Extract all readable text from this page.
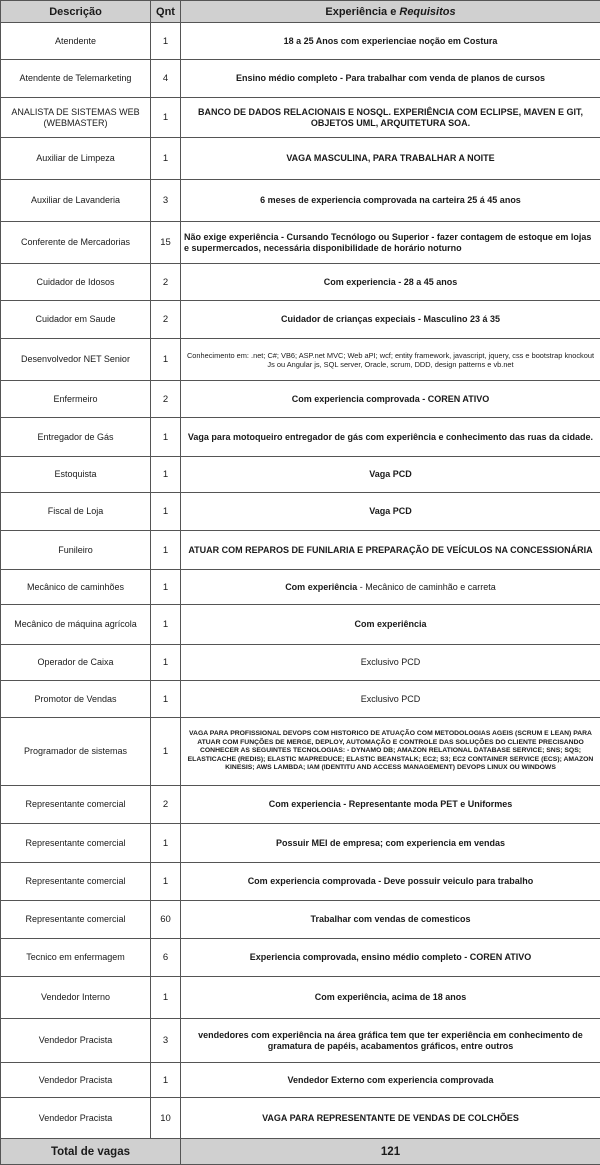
Descrição	Qnt	Experiência e Requisitos
Atendente	1	18 a 25 Anos com experienciae noção em Costura
Atendente de Telemarketing	4	Ensino médio completo - Para trabalhar com venda de planos de cursos
ANALISTA DE SISTEMAS WEB (WEBMASTER)	1	BANCO DE DADOS RELACIONAIS E NOSQL. EXPERIÊNCIA COM ECLIPSE, MAVEN E GIT, OBJETOS UML, ARQUITETURA SOA.
Auxiliar de Limpeza	1	VAGA MASCULINA, PARA TRABALHAR A NOITE
Auxiliar de Lavanderia	3	6 meses de experiencia comprovada na carteira 25 á 45 anos
Conferente de Mercadorias	15	Não exige experiência - Cursando Tecnólogo ou Superior - fazer contagem de estoque em lojas e supermercados, necessária disponibilidade de horário noturno
Cuidador de Idosos	2	Com experiencia - 28 a 45 anos
Cuidador em Saude	2	Cuidador de crianças expeciais - Masculino 23 á 35
Desenvolvedor NET Senior	1	Conhecimento em: .net; C#; VB6; ASP.net MVC; Web aPI; wcf; entity framework, javascript, jquery, css e bootstrap knockout Js ou Angular js, SQL server, Oracle, scrum, DDD, design patterns e vb.net
Enfermeiro	2	Com experiencia comprovada - COREN ATIVO
Entregador de Gás	1	Vaga para motoqueiro entregador de gás com experiência e conhecimento das ruas da cidade.
Estoquista	1	Vaga PCD
Fiscal de Loja	1	Vaga PCD
Funileiro	1	ATUAR COM REPAROS DE FUNILARIA E PREPARAÇÃO DE VEÍCULOS NA CONCESSIONÁRIA
Mecânico de caminhões	1	Com experiência - Mecânico de caminhão e carreta
Mecânico de máquina agrícola	1	Com experiência
Operador de Caixa	1	Exclusivo PCD
Promotor de Vendas	1	Exclusivo PCD
Programador de sistemas	1	VAGA PARA PROFISSIONAL DEVOPS COM HISTORICO DE ATUAÇÃO COM METODOLOGIAS AGEIS (SCRUM E LEAN) PARA ATUAR COM FUNÇÕES DE MERGE, DEPLOY, AUTOMAÇÃO E CONTROLE DAS SOLUÇÕES DO CLIENTE PRECISANDO CONHECER AS SEGUINTES TECNOLOGIAS: - DYNAMO DB; AMAZON RELATIONAL DATABASE SERVICE; SNS; SQS; ELASTICACHE (REDIS); ELASTIC MAPREDUCE; ELASTIC BEANSTALK; EC2; S3; EC2 CONTAINER SERVICE (ECS); AMAZON KINESIS; AWS LAMBDA; IAM (IDENTITU AND ACCESS MANAGEMENT) DEVOPS LINUX OU WINDOWS
Representante comercial	2	Com experiencia - Representante moda PET e Uniformes
Representante comercial	1	Possuir MEI de empresa; com experiencia em vendas
Representante comercial	1	Com experiencia comprovada - Deve possuir veiculo para trabalho
Representante comercial	60	Trabalhar com vendas de comesticos
Tecnico em enfermagem	6	Experiencia comprovada, ensino médio completo - COREN ATIVO
Vendedor Interno	1	Com experiência, acima de 18 anos
Vendedor Pracista	3	vendedores com experiência na área gráfica tem que ter experiência em conhecimento de gramatura de papéis, acabamentos gráficos, entre outros
Vendedor Pracista	1	Vendedor Externo com experiencia comprovada
Vendedor Pracista	10	VAGA PARA REPRESENTANTE DE VENDAS DE COLCHÕES
Total de vagas		121
